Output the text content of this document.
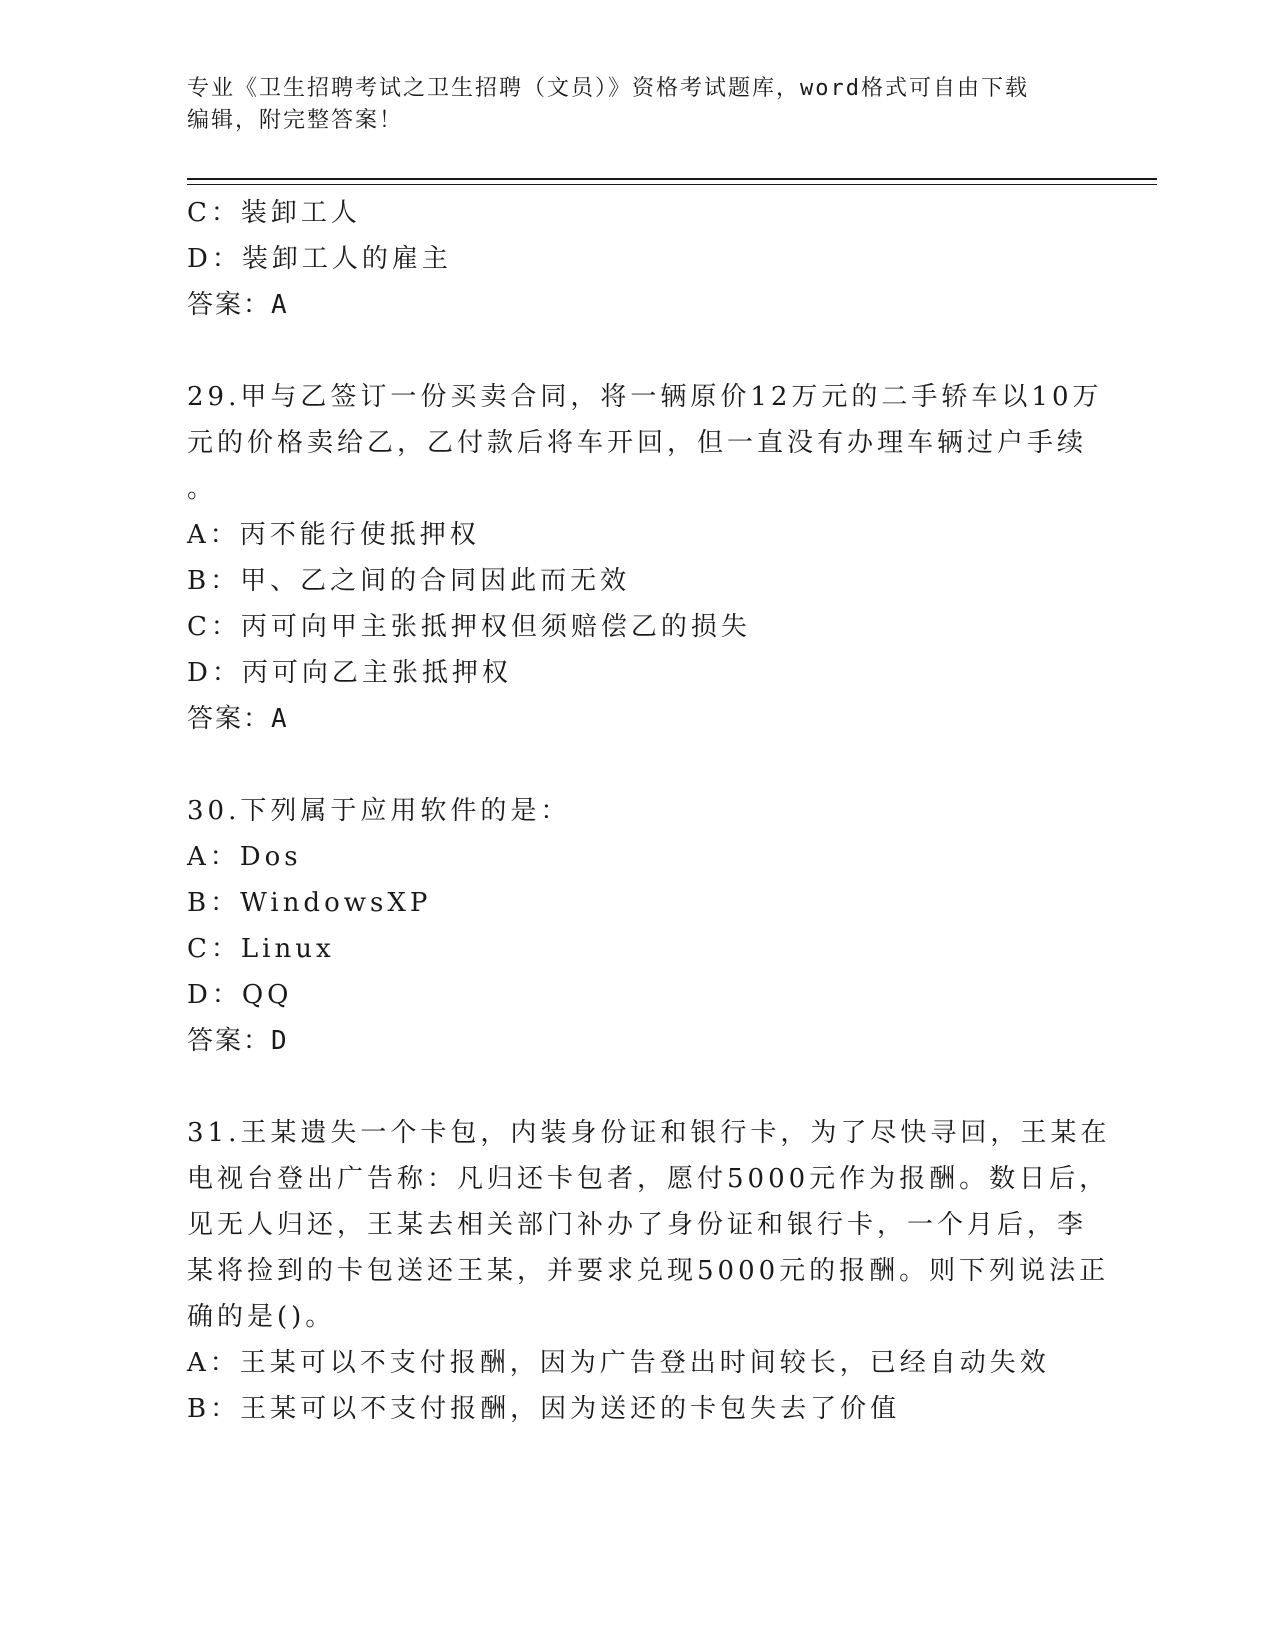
专业《卫生招聘考试之卫生招聘（文员）》资格考试题库，word格式可自由下载
编辑，附完整答案！
C：装卸工人
D：装卸工人的雇主
答案：A
29.甲与乙签订一份买卖合同，将一辆原价12万元的二手轿车以10万
元的价格卖给乙，乙付款后将车开回，但一直没有办理车辆过户手续
。
A：丙不能行使抵押权
B：甲、乙之间的合同因此而无效
C：丙可向甲主张抵押权但须赔偿乙的损失
D：丙可向乙主张抵押权
答案：A
30.下列属于应用软件的是：
A：Dos
B：WindowsXP
C：Linux
D：QQ
答案：D
31.王某遗失一个卡包，内装身份证和银行卡，为了尽快寻回，王某在
电视台登出广告称：凡归还卡包者，愿付5000元作为报酬。数日后，
见无人归还，王某去相关部门补办了身份证和银行卡，一个月后，李
某将捡到的卡包送还王某，并要求兑现5000元的报酬。则下列说法正
确的是()。
A：王某可以不支付报酬，因为广告登出时间较长，已经自动失效
B：王某可以不支付报酬，因为送还的卡包失去了价值
